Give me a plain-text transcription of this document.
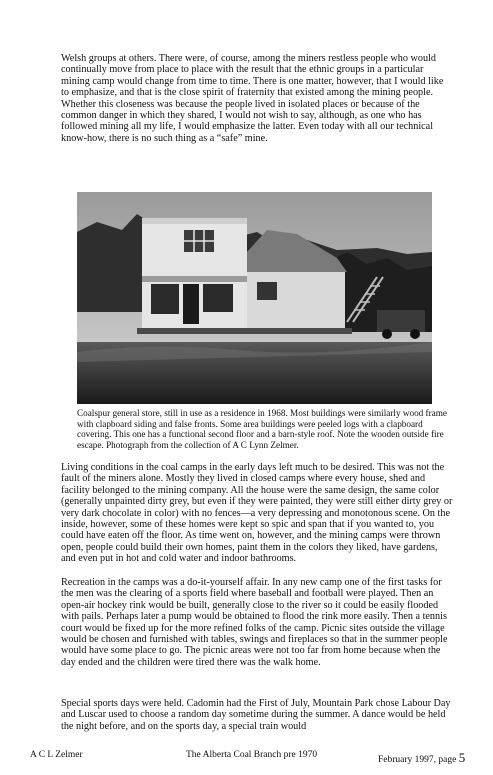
Welsh groups at others. There were, of course, among the miners restless people who would continually move from place to place with the result that the ethnic groups in a particular mining camp would change from time to time. There is one matter, however, that I would like to emphasize, and that is the close spirit of fraternity that existed among the mining people. Whether this closeness was because the people lived in isolated places or because of the common danger in which they shared, I would not wish to say, although, as one who has followed mining all my life, I would emphasize the latter. Even today with all our technical know-how, there is no such thing as a “safe” mine.

Coalspur general store, still in use as a residence in 1968. Most buildings were similarly wood frame with clapboard siding and false fronts. Some area buildings were peeled logs with a clapboard covering. This one has a functional second floor and a barn-style roof. Note the wooden outside fire escape. Photograph from the collection of A C Lynn Zelmer.

Living conditions in the coal camps in the early days left much to be desired. This was not the fault of the miners alone. Mostly they lived in closed camps where every house, shed and facility belonged to the mining company. All the house were the same design, the same color (generally unpainted dirty grey, but even if they were painted, they were still either dirty grey or very dark chocolate in color) with no fences—a very depressing and monotonous scene. On the inside, however, some of these homes were kept so spic and span that if you wanted to, you could have eaten off the floor. As time went on, however, and the mining camps were thrown open, people could build their own homes, paint them in the colors they liked, have gardens, and even put in hot and cold water and indoor bathrooms.

Recreation in the camps was a do-it-yourself affair. In any new camp one of the first tasks for the men was the clearing of a sports field where baseball and football were played. Then an open-air hockey rink would be built, generally close to the river so it could be easily flooded with pails. Perhaps later a pump would be obtained to flood the rink more easily. Then a tennis court would be fixed up for the more refined folks of the camp. Picnic sites outside the village would be chosen and furnished with tables, swings and fireplaces so that in the summer people would have some place to go. The picnic areas were not too far from home because when the day ended and the children were tired there was the walk home.

Special sports days were held. Cadomin had the First of July, Mountain Park chose Labour Day and Luscar used to choose a random day sometime during the summer. A dance would be held the night before, and on the sports day, a special train would

A C L Zelmer	The Alberta Coal Branch pre 1970	February 1997, page 5
